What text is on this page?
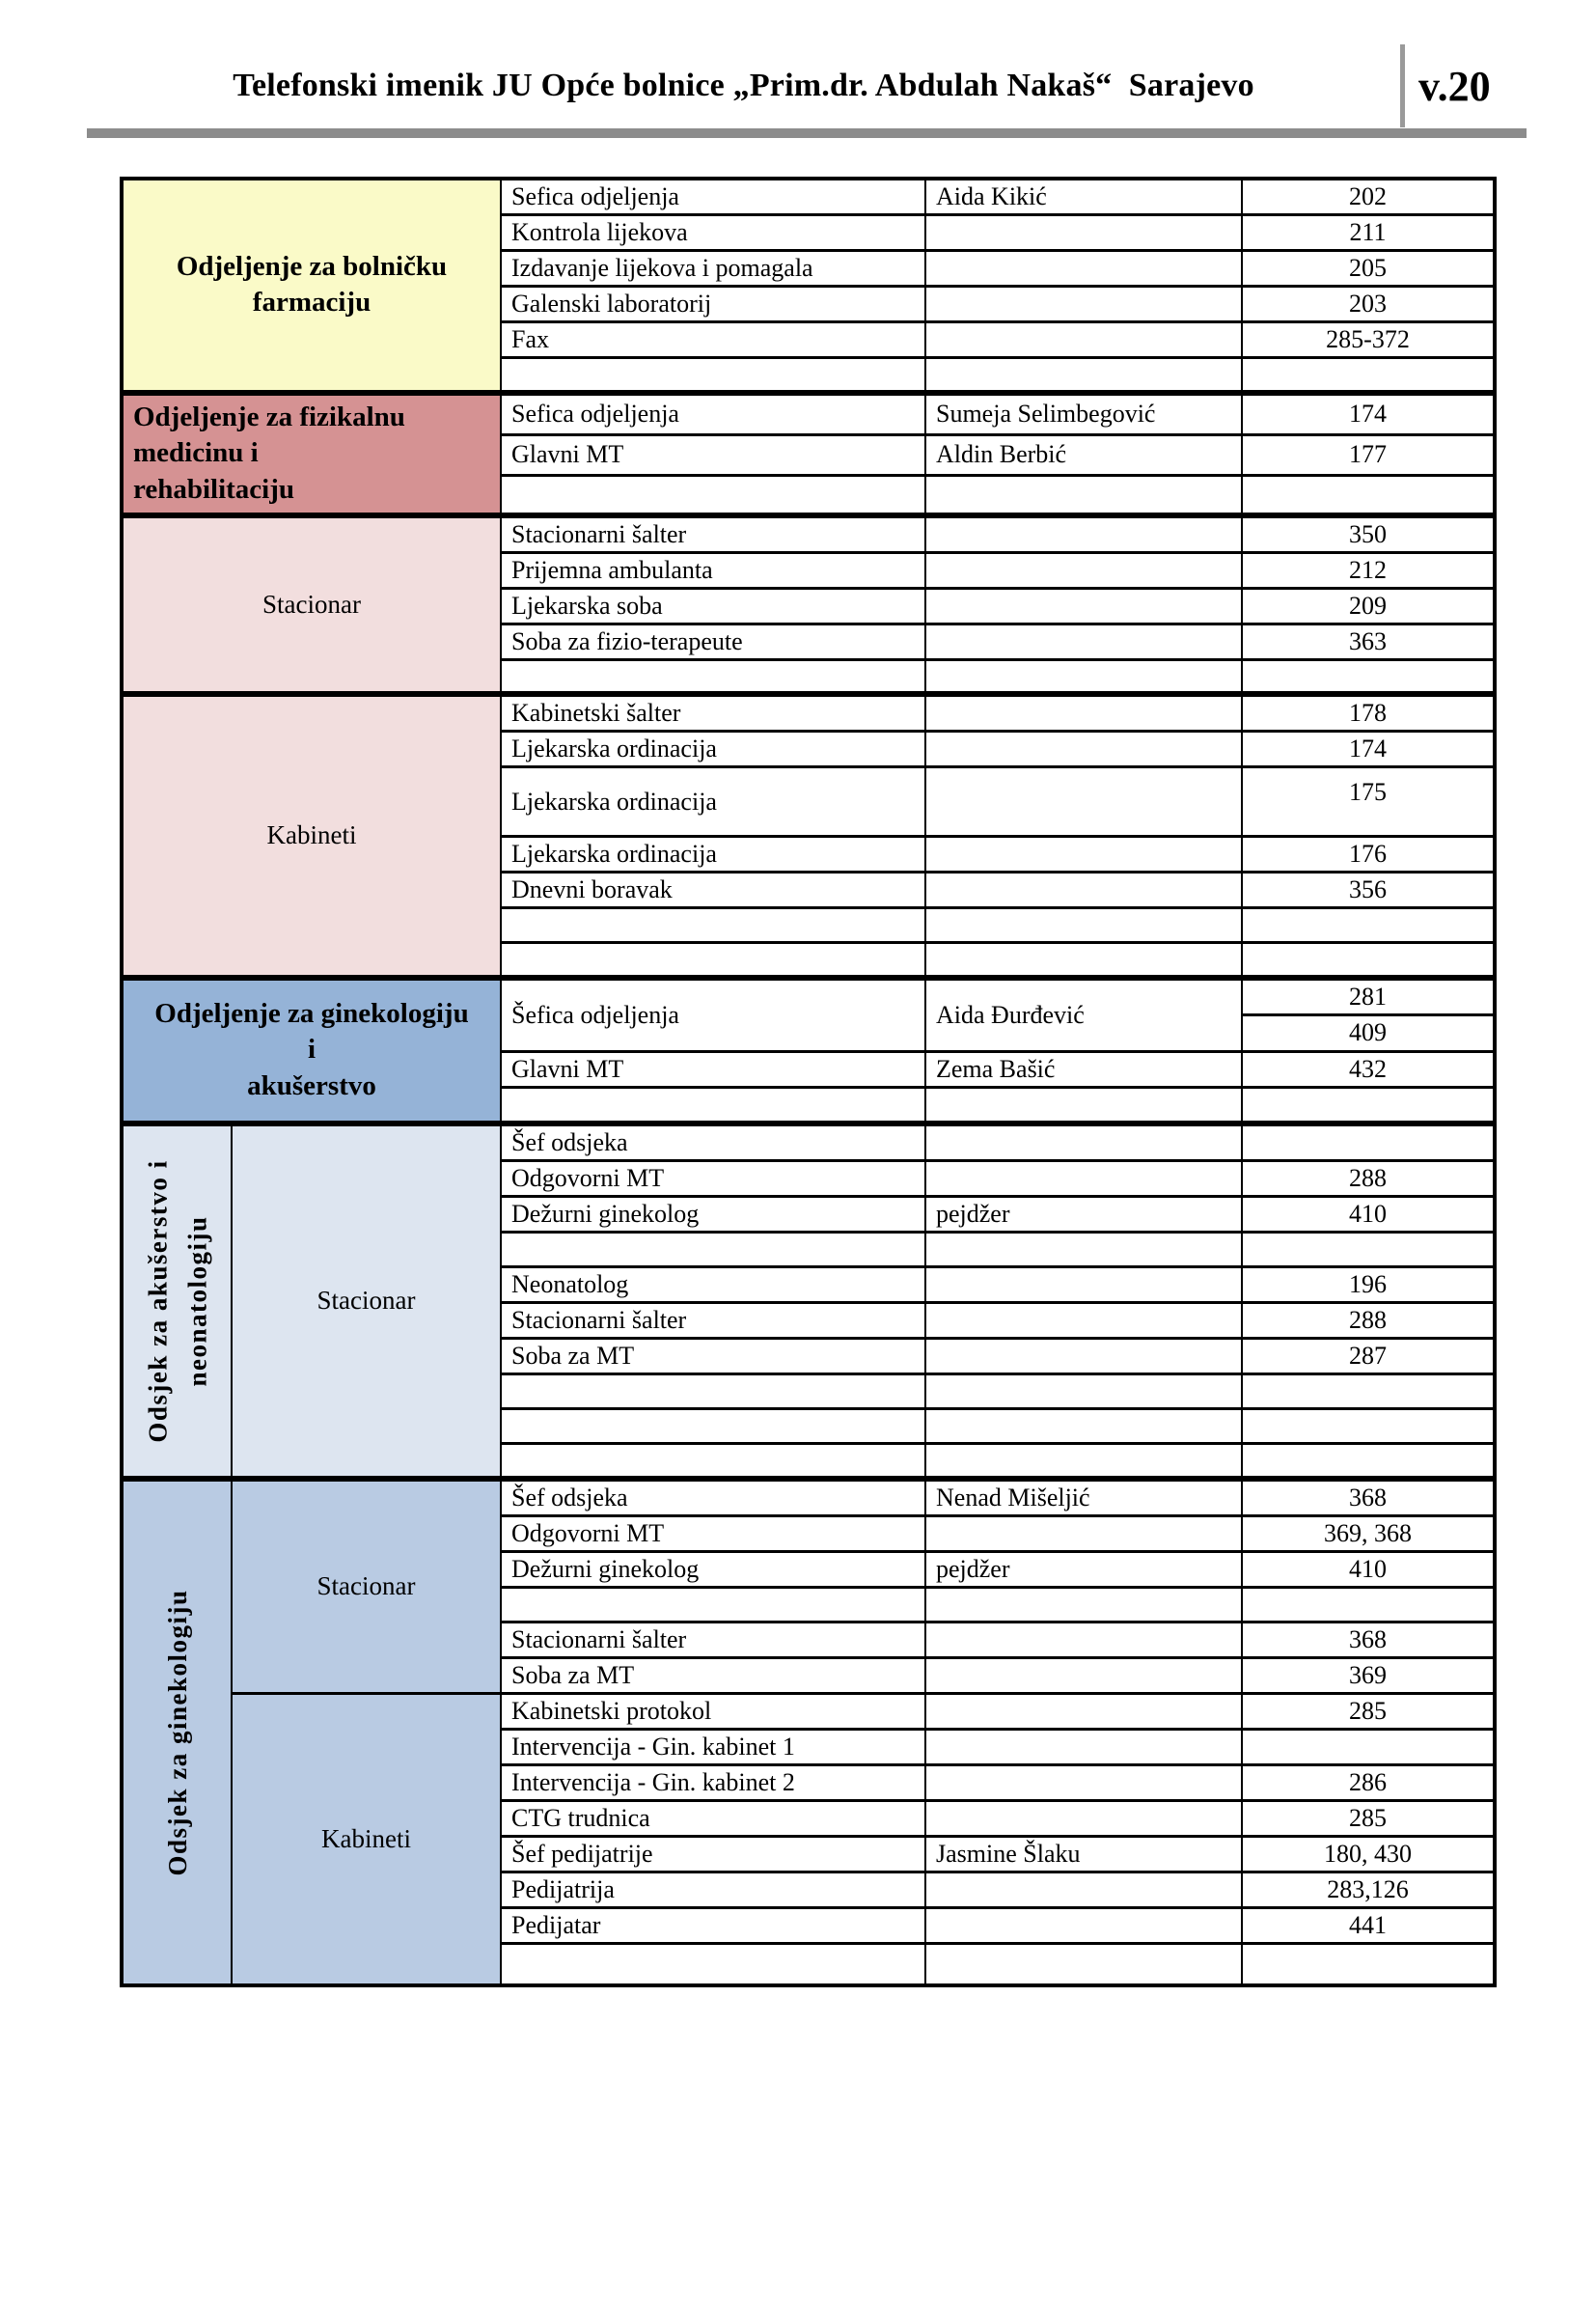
Telefonski imenik JU Opće bolnice „Prim.dr. Abdulah Nakaš“  Sarajevo	v.20
Odjeljenje za bolničku
farmaciju		Sefica odjeljenja	Aida Kikić	202
		Kontrola lijekova		211
		Izdavanje lijekova i pomagala		205
		Galenski laboratorij		203
		Fax		285-372

Odjeljenje za fizikalnu
medicinu i
rehabilitaciju		Sefica odjeljenja	Sumeja Selimbegović	174
		Glavni MT	Aldin Berbić	177

Stacionar		Stacionarni šalter		350
		Prijemna ambulanta		212
		Ljekarska soba		209
		Soba za fizio-terapeute		363

Kabineti		Kabinetski šalter		178
		Ljekarska ordinacija		174
		Ljekarska ordinacija		175
		Ljekarska ordinacija		176
		Dnevni boravak		356

Odjeljenje za ginekologiju
i
akušerstvo		Šefica odjeljenja	Aida Đurđević	281
				409
		Glavni MT	Zema Bašić	432

Odsjek za akušerstvo i neonatologiju	Stacionar	Šef odsjeka		
		Odgovorni MT		288
		Dežurni ginekolog	pejdžer	410

		Neonatolog		196
		Stacionarni šalter		288
		Soba za MT		287

Odsjek za ginekologiju	Stacionar	Šef odsjeka	Nenad Mišeljić	368
		Odgovorni MT		369, 368
		Dežurni ginekolog	pejdžer	410

		Stacionarni šalter		368
		Soba za MT		369
	Kabineti	Kabinetski protokol		285
		Intervencija - Gin. kabinet 1		
		Intervencija - Gin. kabinet 2		286
		CTG trudnica		285
		Šef pedijatrije	Jasmine Šlaku	180, 430
		Pedijatrija		283,126
		Pedijatar		441
